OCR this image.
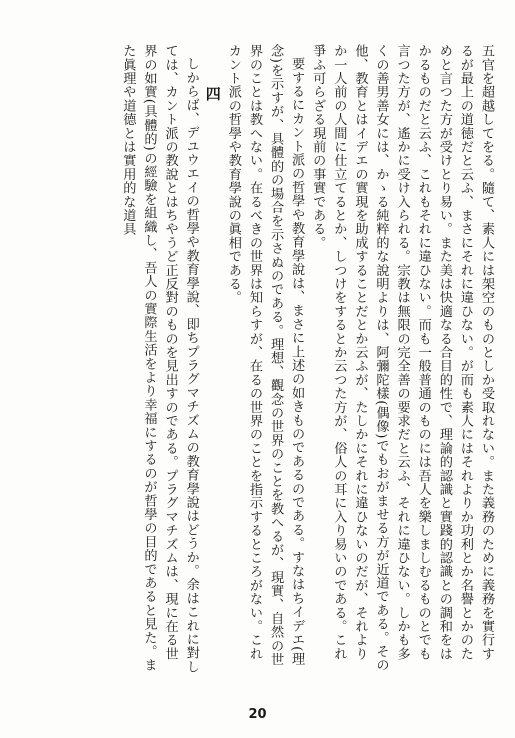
五官を超越してをる。隨て、素人には架空のものとしか受取れない。また義務のために義務を實行するが最上の道徳だと云ふ、まさにそれに違ひない。が而も素人にはそれよりか功利とか名譽とかのためと言つた方が受けとり易い。また美は快適なる合目的性で、理論的認識と實踐的認識との調和をはかるものだと云ふ、これもそれに違ひない。而も一般普通のものには吾人を樂しましむるものとでも言つた方が、遙かに受け入られる。宗教は無限の完全善の要求だと云ふ、それに違ひない。しかも多くの善男善女には、かゝる純粹的な說明よりは、阿彌陀樣(偶像)でもおがませる方が近道である。その他、教育とはイデエの實現を助成することだとか云ふが、たしかにそれに違ひないのだが、それよりか一人前の人間に仕立てるとか、しつけをするとか云つた方が、俗人の耳に入り易いのである。これ爭ふ可らざる現前の事實である。

要するにカント派の哲學や教育學說は、まさに上述の如きものであるのである。すなはちイデエ(理念)を示すが、具體的の場合を示さぬのである。理想、觀念の世界のことを教へるが、現實、自然の世界のことは教へない。在るべきの世界は知らすが、在るの世界のことを指示するところがない。これカント派の哲學や教育學說の眞相である。

四

しからば、デユウエイの哲學や教育學說、即ちプラグマチズムの教育學說はどうか。余はこれに對しては、カント派の教說とはちやうど正反對のものを見出すのである。プラグマチズムは、現に在る世界の如實(具體的)の經驗を組織し、吾人の實際生活をより幸福にするのが哲學の目的であると見た。また眞理や道德とは實用的な道具

20
